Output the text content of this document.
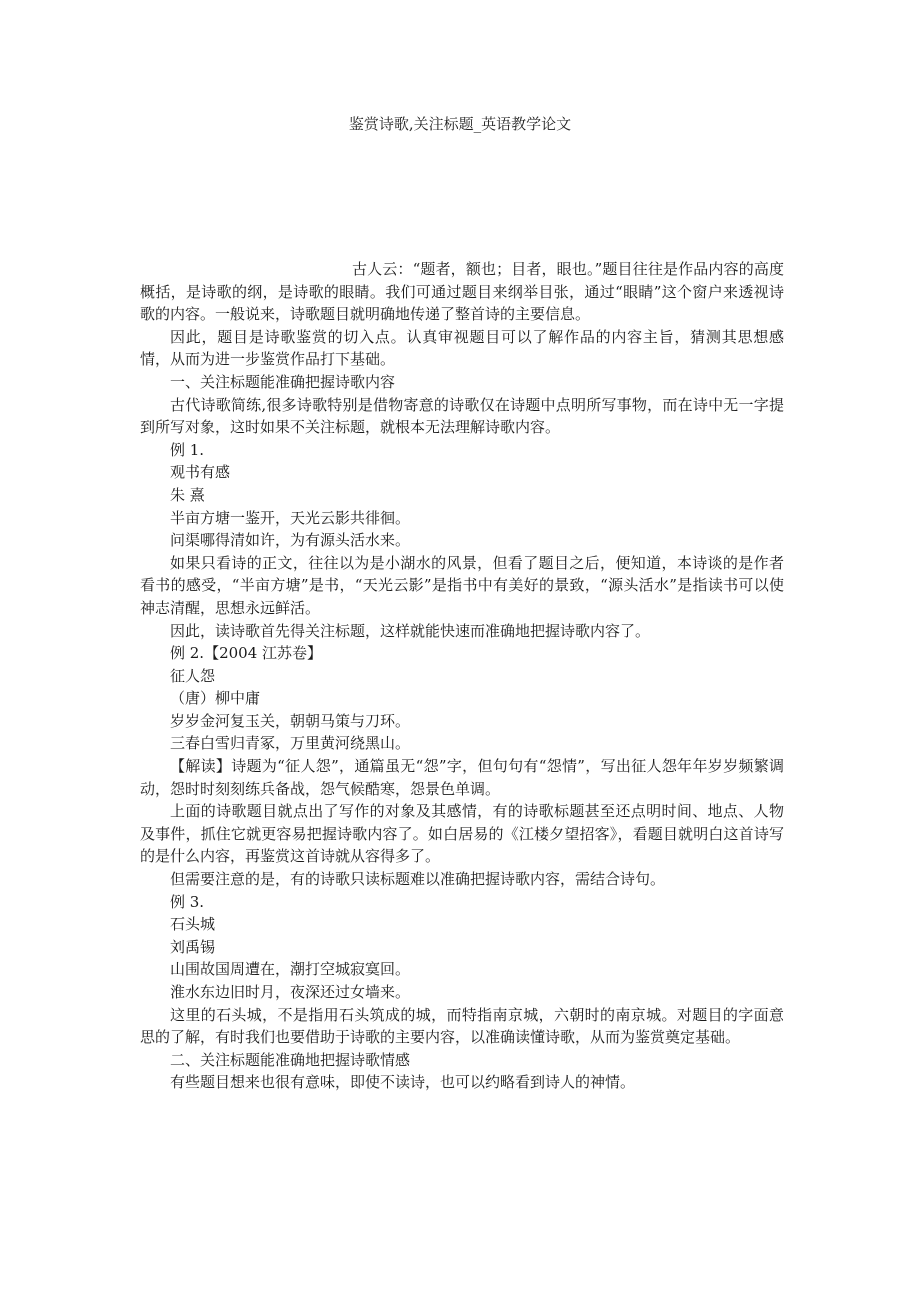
鉴赏诗歌,关注标题_英语教学论文

古人云：“题者，额也；目者，眼也。”题目往往是作品内容的高度概括，是诗歌的纲，是诗歌的眼睛。我们可通过题目来纲举目张，通过“眼睛”这个窗户来透视诗歌的内容。一般说来，诗歌题目就明确地传递了整首诗的主要信息。

因此，题目是诗歌鉴赏的切入点。认真审视题目可以了解作品的内容主旨，猜测其思想感情，从而为进一步鉴赏作品打下基础。

一、关注标题能准确把握诗歌内容

古代诗歌简练,很多诗歌特别是借物寄意的诗歌仅在诗题中点明所写事物，而在诗中无一字提到所写对象，这时如果不关注标题，就根本无法理解诗歌内容。

例 1.

观书有感

朱 熹

半亩方塘一鉴开，天光云影共徘徊。

问渠哪得清如许，为有源头活水来。

如果只看诗的正文，往往以为是小湖水的风景，但看了题目之后，便知道，本诗谈的是作者看书的感受，“半亩方塘”是书，“天光云影”是指书中有美好的景致，“源头活水”是指读书可以使神志清醒，思想永远鲜活。

因此，读诗歌首先得关注标题，这样就能快速而准确地把握诗歌内容了。

例 2.【2004 江苏卷】

征人怨

（唐）柳中庸

岁岁金河复玉关，朝朝马策与刀环。

三春白雪归青冢，万里黄河绕黑山。

【解读】诗题为“征人怨”，通篇虽无“怨”字，但句句有“怨情”，写出征人怨年年岁岁频繁调动，怨时时刻刻练兵备战，怨气候酷寒，怨景色单调。

上面的诗歌题目就点出了写作的对象及其感情，有的诗歌标题甚至还点明时间、地点、人物及事件，抓住它就更容易把握诗歌内容了。如白居易的《江楼夕望招客》，看题目就明白这首诗写的是什么内容，再鉴赏这首诗就从容得多了。

但需要注意的是，有的诗歌只读标题难以准确把握诗歌内容，需结合诗句。

例 3.

石头城

刘禹锡

山围故国周遭在，潮打空城寂寞回。

淮水东边旧时月，夜深还过女墙来。

这里的石头城，不是指用石头筑成的城，而特指南京城，六朝时的南京城。对题目的字面意思的了解，有时我们也要借助于诗歌的主要内容，以准确读懂诗歌，从而为鉴赏奠定基础。

二、关注标题能准确地把握诗歌情感

有些题目想来也很有意味，即使不读诗，也可以约略看到诗人的神情。
